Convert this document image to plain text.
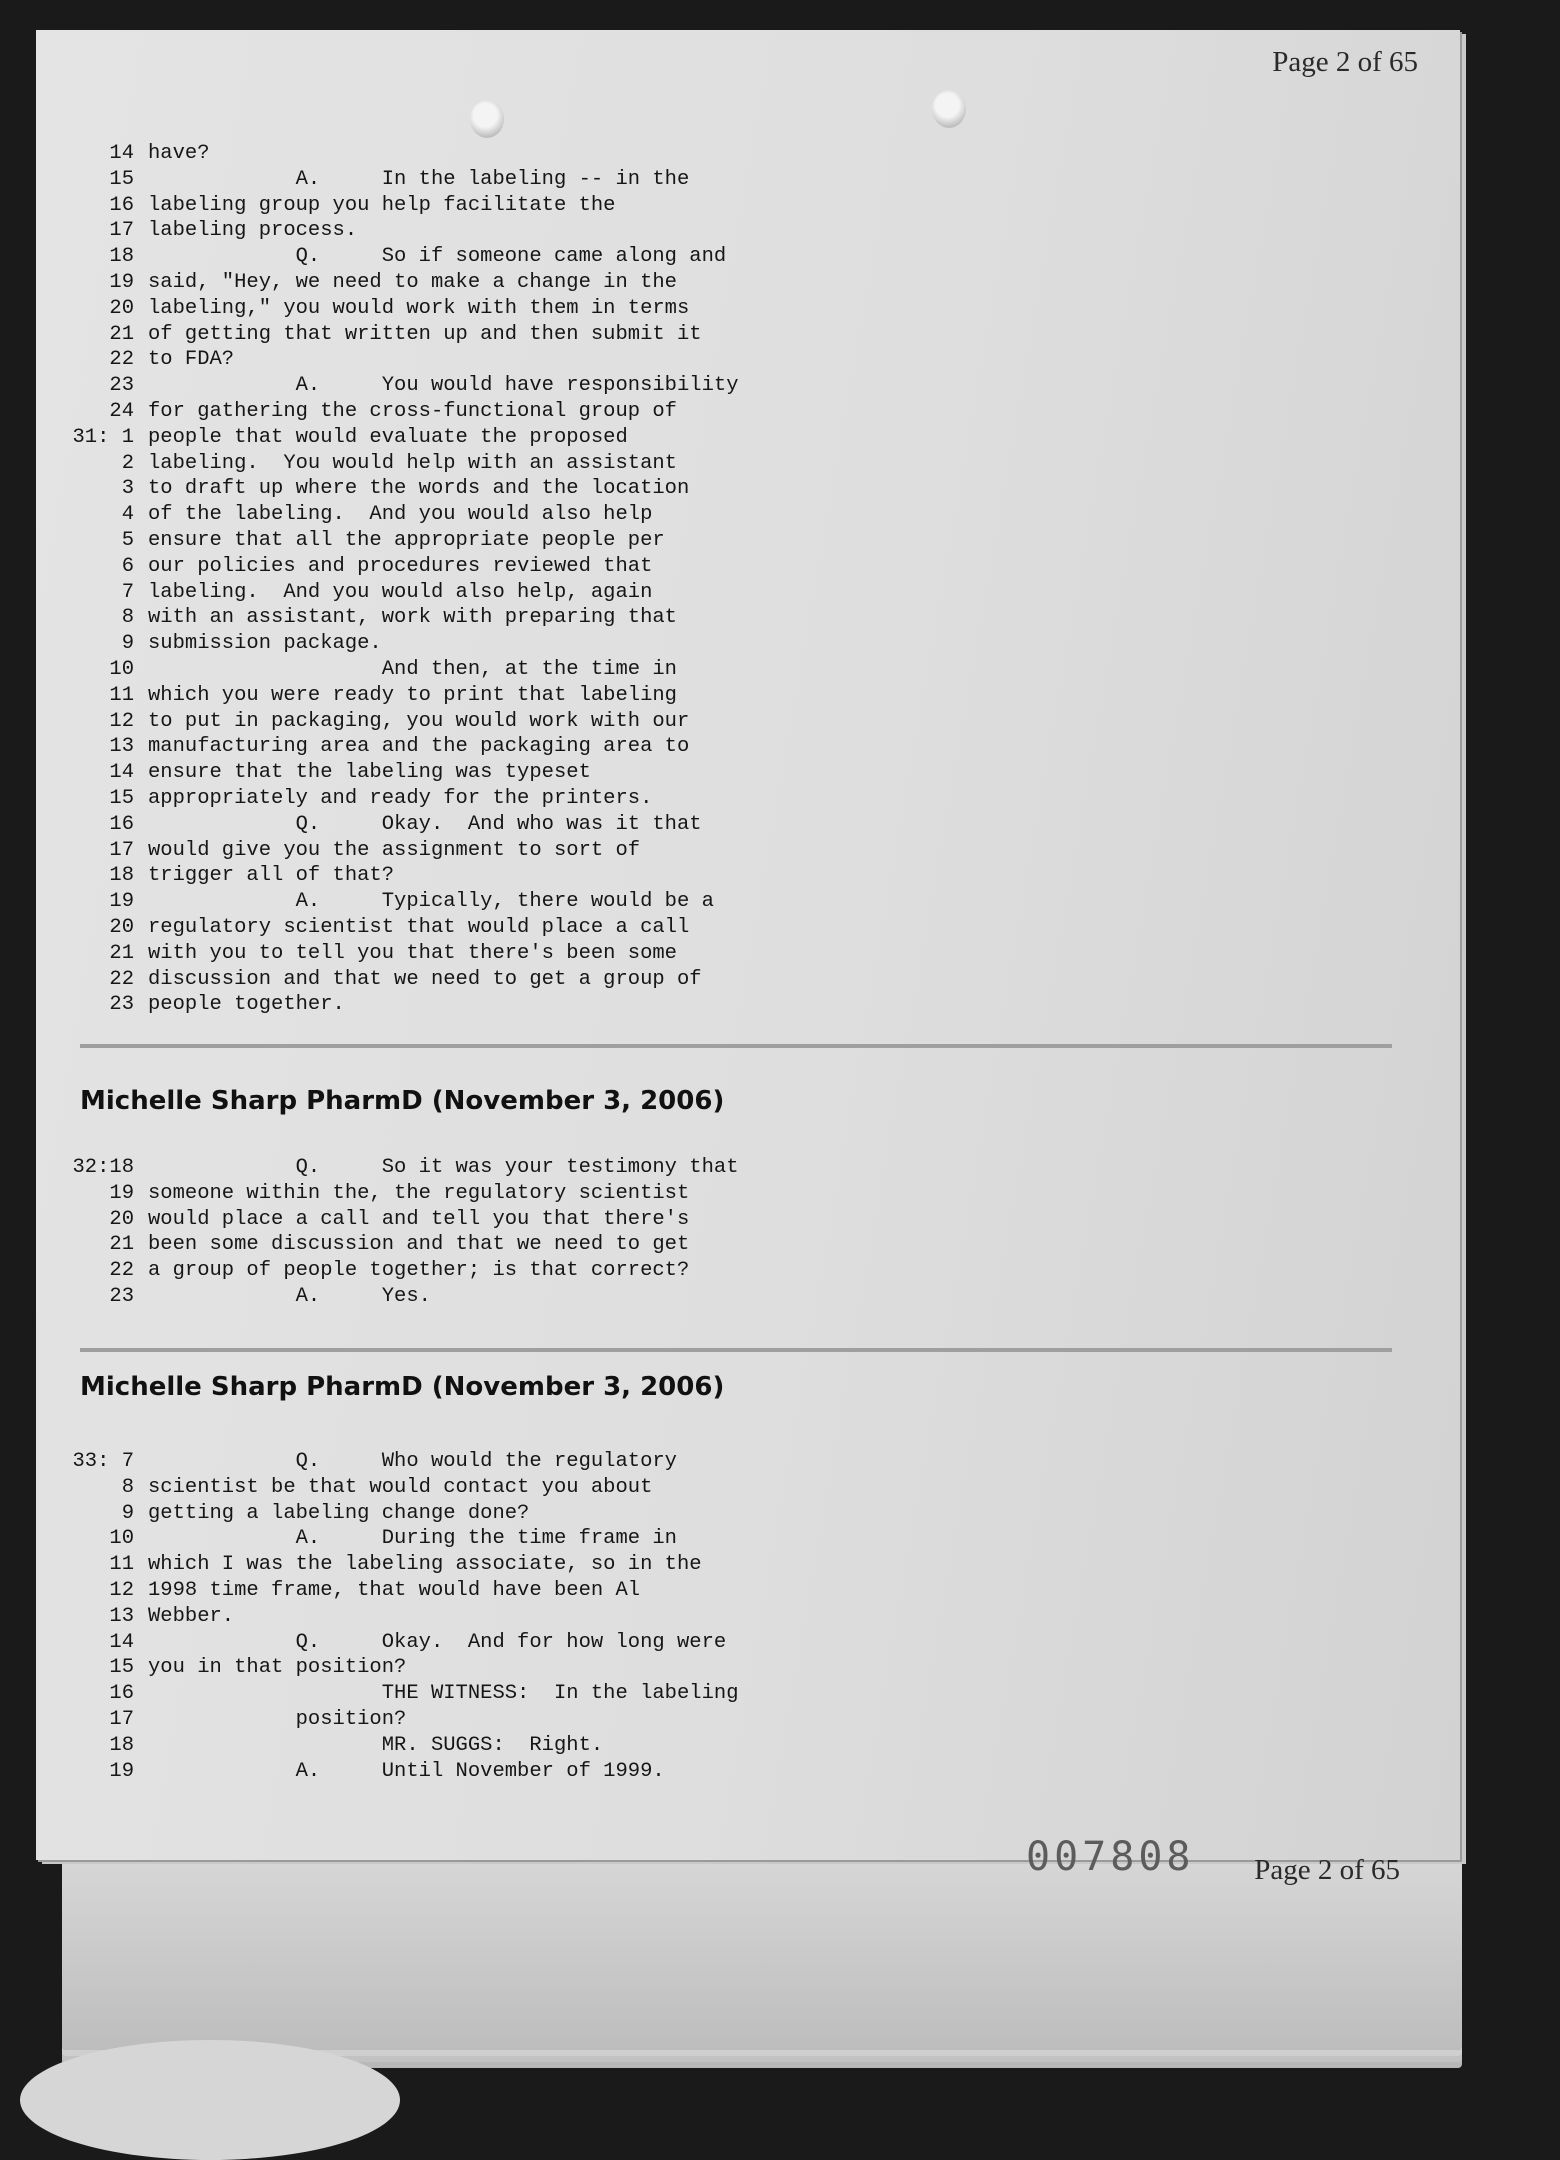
Page 2 of 65
14 have?
15 A.     In the labeling -- in the
16 labeling group you help facilitate the
17 labeling process.
18 Q.     So if someone came along and
19 said, "Hey, we need to make a change in the
20 labeling," you would work with them in terms
21 of getting that written up and then submit it
22 to FDA?
23 A.     You would have responsibility
24 for gathering the cross-functional group of
31: 1 people that would evaluate the proposed
2 labeling.  You would help with an assistant
3 to draft up where the words and the location
4 of the labeling.  And you would also help
5 ensure that all the appropriate people per
6 our policies and procedures reviewed that
7 labeling.  And you would also help, again
8 with an assistant, work with preparing that
9 submission package.
10 And then, at the time in
11 which you were ready to print that labeling
12 to put in packaging, you would work with our
13 manufacturing area and the packaging area to
14 ensure that the labeling was typeset
15 appropriately and ready for the printers.
16 Q.     Okay.  And who was it that
17 would give you the assignment to sort of
18 trigger all of that?
19 A.     Typically, there would be a
20 regulatory scientist that would place a call
21 with you to tell you that there's been some
22 discussion and that we need to get a group of
23 people together.
Michelle Sharp PharmD (November 3, 2006)
32:18 Q.     So it was your testimony that
19 someone within the, the regulatory scientist
20 would place a call and tell you that there's
21 been some discussion and that we need to get
22 a group of people together; is that correct?
23 A.     Yes.
Michelle Sharp PharmD (November 3, 2006)
33: 7 Q.     Who would the regulatory
8 scientist be that would contact you about
9 getting a labeling change done?
10 A.     During the time frame in
11 which I was the labeling associate, so in the
12 1998 time frame, that would have been Al
13 Webber.
14 Q.     Okay.  And for how long were
15 you in that position?
16 THE WITNESS:  In the labeling
17 position?
18 MR. SUGGS:  Right.
19 A.     Until November of 1999.
007808 Page 2 of 65
